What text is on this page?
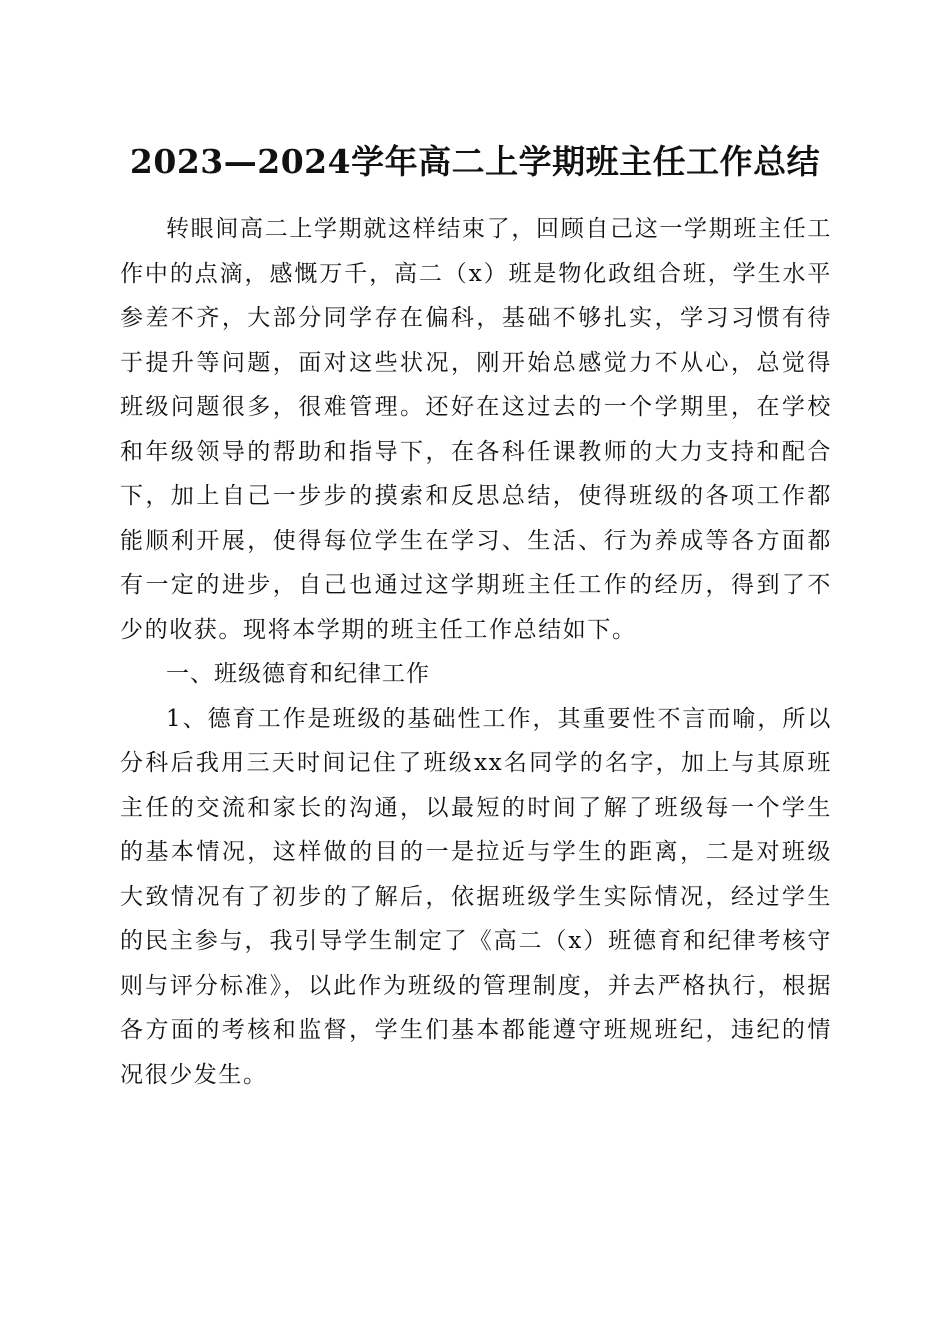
2023—2024学年高二上学期班主任工作总结

转眼间高二上学期就这样结束了，回顾自己这一学期班主任工作中的点滴，感慨万千，高二（x）班是物化政组合班，学生水平参差不齐，大部分同学存在偏科，基础不够扎实，学习习惯有待于提升等问题，面对这些状况，刚开始总感觉力不从心，总觉得班级问题很多，很难管理。还好在这过去的一个学期里，在学校和年级领导的帮助和指导下，在各科任课教师的大力支持和配合下，加上自己一步步的摸索和反思总结，使得班级的各项工作都能顺利开展，使得每位学生在学习、生活、行为养成等各方面都有一定的进步，自己也通过这学期班主任工作的经历，得到了不少的收获。现将本学期的班主任工作总结如下。

一、班级德育和纪律工作

1、德育工作是班级的基础性工作，其重要性不言而喻，所以分科后我用三天时间记住了班级xx名同学的名字，加上与其原班主任的交流和家长的沟通，以最短的时间了解了班级每一个学生的基本情况，这样做的目的一是拉近与学生的距离，二是对班级大致情况有了初步的了解后，依据班级学生实际情况，经过学生的民主参与，我引导学生制定了《高二（x）班德育和纪律考核守则与评分标准》，以此作为班级的管理制度，并去严格执行，根据各方面的考核和监督，学生们基本都能遵守班规班纪，违纪的情况很少发生。
